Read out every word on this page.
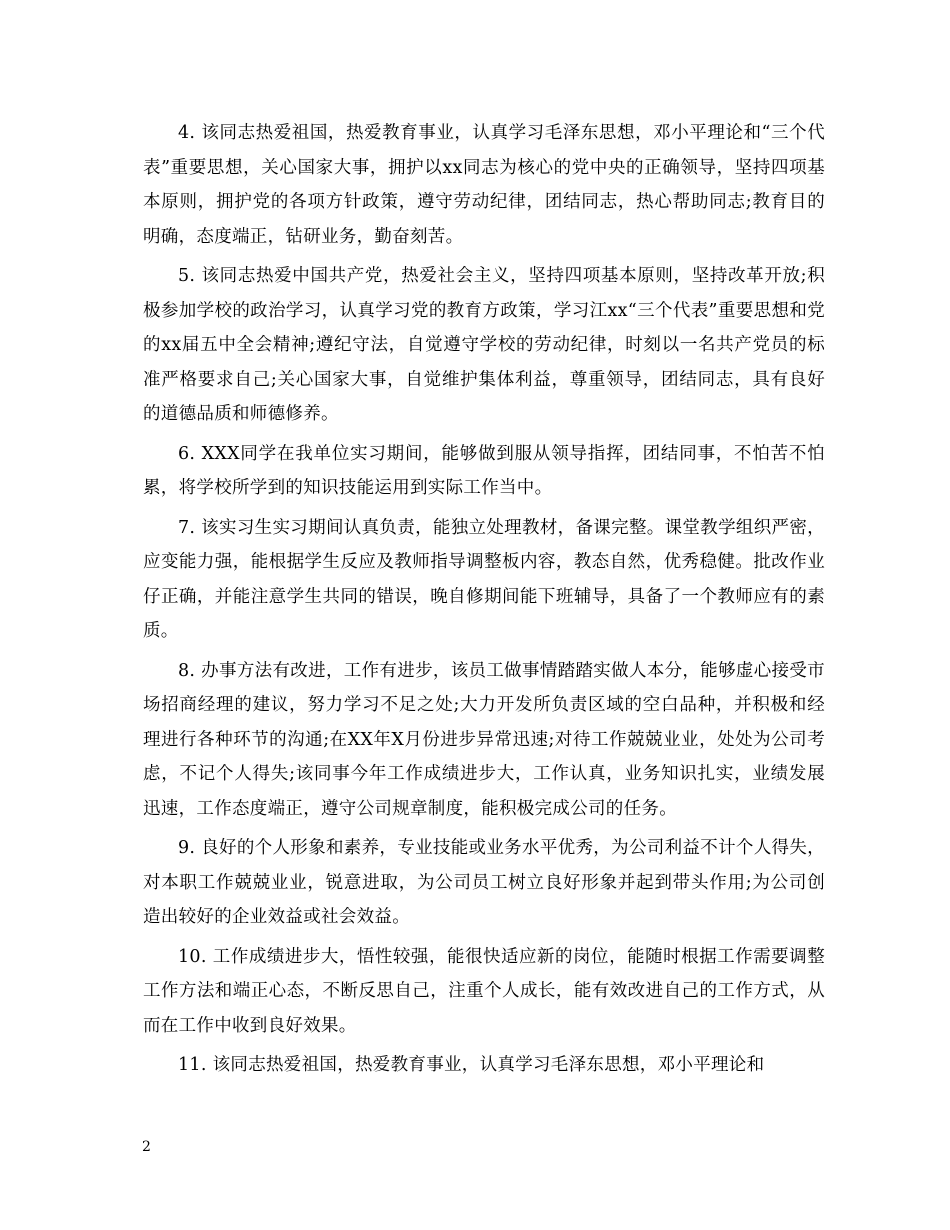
4. 该同志热爱祖国，热爱教育事业，认真学习毛泽东思想，邓小平理论和“三个代表”重要思想，关心国家大事，拥护以xx同志为核心的党中央的正确领导，坚持四项基本原则，拥护党的各项方针政策，遵守劳动纪律，团结同志，热心帮助同志;教育目的明确，态度端正，钻研业务，勤奋刻苦。

5. 该同志热爱中国共产党，热爱社会主义，坚持四项基本原则，坚持改革开放;积极参加学校的政治学习，认真学习党的教育方政策，学习江xx“三个代表”重要思想和党的xx届五中全会精神;遵纪守法，自觉遵守学校的劳动纪律，时刻以一名共产党员的标准严格要求自己;关心国家大事，自觉维护集体利益，尊重领导，团结同志，具有良好的道德品质和师德修养。

6. XXX同学在我单位实习期间，能够做到服从领导指挥，团结同事，不怕苦不怕累，将学校所学到的知识技能运用到实际工作当中。

7. 该实习生实习期间认真负责，能独立处理教材，备课完整。课堂教学组织严密，应变能力强，能根据学生反应及教师指导调整板内容，教态自然，优秀稳健。批改作业仔正确，并能注意学生共同的错误，晚自修期间能下班辅导，具备了一个教师应有的素质。

8. 办事方法有改进，工作有进步，该员工做事情踏踏实做人本分，能够虚心接受市场招商经理的建议，努力学习不足之处;大力开发所负责区域的空白品种，并积极和经理进行各种环节的沟通;在XX年X月份进步异常迅速;对待工作兢兢业业，处处为公司考虑，不记个人得失;该同事今年工作成绩进步大，工作认真，业务知识扎实，业绩发展迅速，工作态度端正，遵守公司规章制度，能积极完成公司的任务。

9. 良好的个人形象和素养，专业技能或业务水平优秀，为公司利益不计个人得失，对本职工作兢兢业业，锐意进取，为公司员工树立良好形象并起到带头作用;为公司创造出较好的企业效益或社会效益。

10. 工作成绩进步大，悟性较强，能很快适应新的岗位，能随时根据工作需要调整工作方法和端正心态，不断反思自己，注重个人成长，能有效改进自己的工作方式，从而在工作中收到良好效果。

11. 该同志热爱祖国，热爱教育事业，认真学习毛泽东思想，邓小平理论和

2
